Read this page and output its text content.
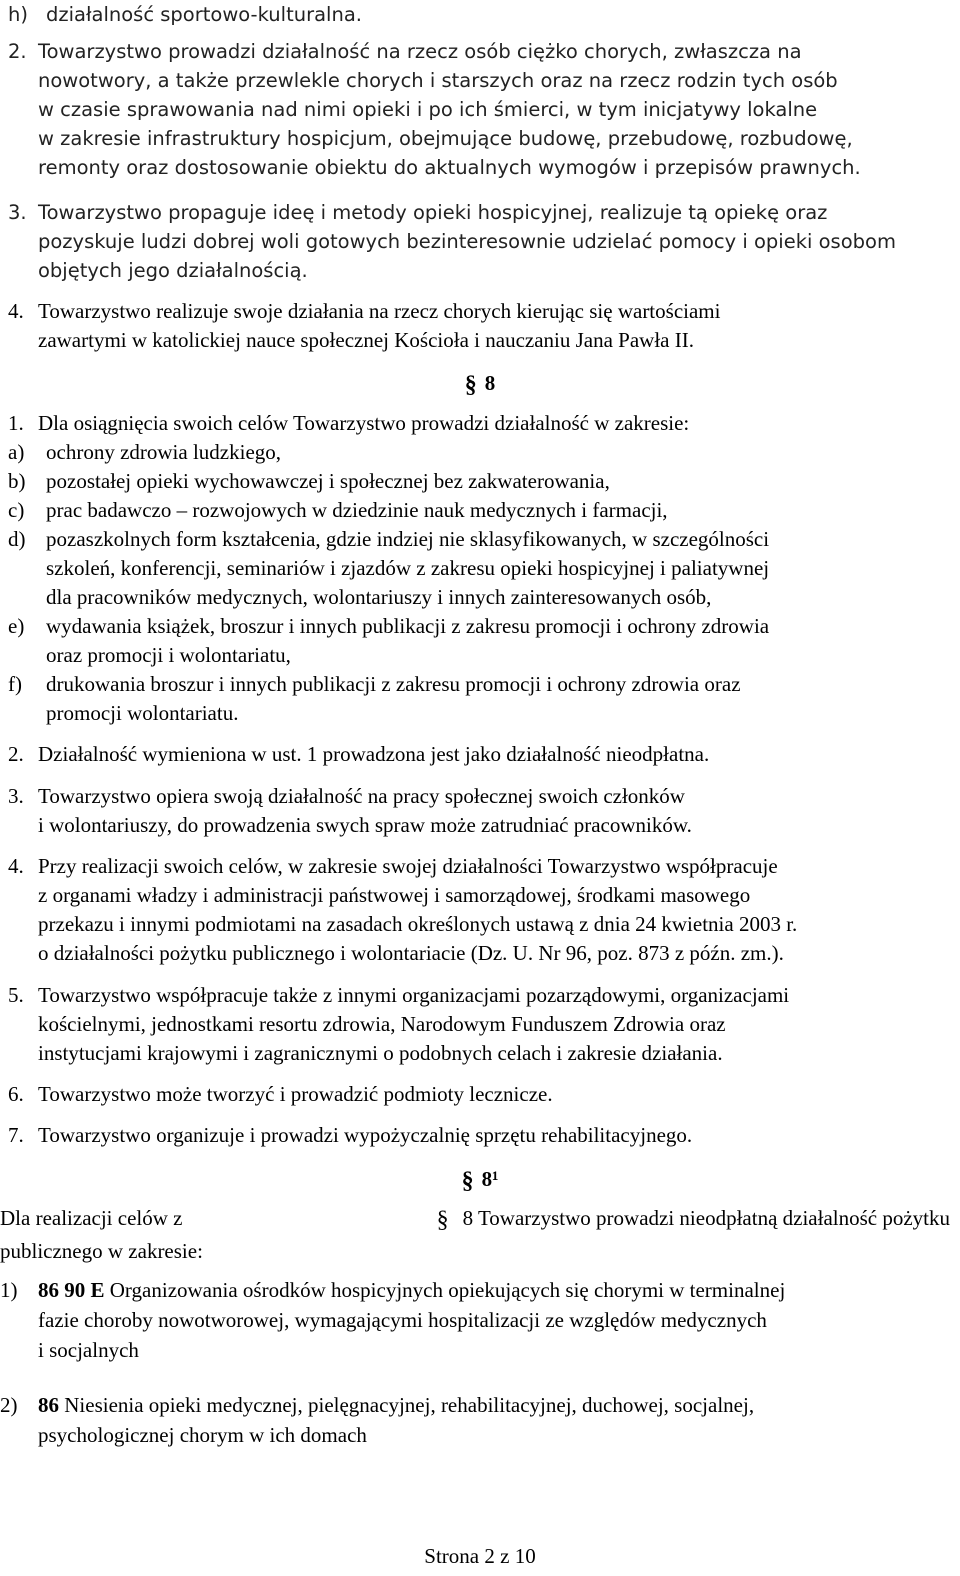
h) działalność sportowo-kulturalna.
2. Towarzystwo prowadzi działalność na rzecz osób ciężko chorych, zwłaszcza na
nowotwory, a także przewlekle chorych i starszych oraz na rzecz rodzin tych osób
w czasie sprawowania nad nimi opieki i po ich śmierci, w tym inicjatywy lokalne
w zakresie infrastruktury hospicjum, obejmujące budowę, przebudowę, rozbudowę,
remonty oraz dostosowanie obiektu do aktualnych wymogów i przepisów prawnych.
3. Towarzystwo propaguje ideę i metody opieki hospicyjnej, realizuje tą opiekę oraz
pozyskuje ludzi dobrej woli gotowych bezinteresownie udzielać pomocy i opieki osobom
objętych jego działalnością.
4. Towarzystwo realizuje swoje działania na rzecz chorych kierując się wartościami
zawartymi w katolickiej nauce społecznej Kościoła i nauczaniu Jana Pawła II.
§ 8
1. Dla osiągnięcia swoich celów Towarzystwo prowadzi działalność w zakresie:
a)	ochrony zdrowia ludzkiego,
b) pozostałej opieki wychowawczej i społecznej bez zakwaterowania,
c)	prac badawczo – rozwojowych w dziedzinie nauk medycznych i farmacji,
d) pozaszkolnych form kształcenia, gdzie indziej nie sklasyfikowanych, w szczególności
szkoleń, konferencji, seminariów i zjazdów z zakresu opieki hospicyjnej i paliatywnej
dla pracowników medycznych, wolontariuszy i innych zainteresowanych osób,
e)	wydawania książek, broszur i innych publikacji z zakresu promocji i ochrony zdrowia
oraz promocji i wolontariatu,
f)	drukowania broszur i innych publikacji z zakresu promocji i ochrony zdrowia oraz
promocji wolontariatu.
2. Działalność wymieniona w ust. 1 prowadzona jest jako działalność nieodpłatna.
3. Towarzystwo opiera swoją działalność na pracy społecznej swoich członków
i wolontariuszy, do prowadzenia swych spraw może zatrudniać pracowników.
4. Przy realizacji swoich celów, w zakresie swojej działalności Towarzystwo współpracuje
z organami władzy i administracji państwowej i samorządowej, środkami masowego
przekazu i innymi podmiotami na zasadach określonych ustawą z dnia 24 kwietnia 2003 r.
o działalności pożytku publicznego i wolontariacie (Dz. U. Nr 96, poz. 873 z późn. zm.).
5. Towarzystwo współpracuje także z innymi organizacjami pozarządowymi, organizacjami
kościelnymi, jednostkami resortu zdrowia, Narodowym Funduszem Zdrowia oraz
instytucjami krajowymi i zagranicznymi o podobnych celach i zakresie działania.
6. Towarzystwo może tworzyć i prowadzić podmioty lecznicze.
7. Towarzystwo organizuje i prowadzi wypożyczalnię sprzętu rehabilitacyjnego.
§ 8¹
Dla realizacji celów z	§ 8 Towarzystwo prowadzi nieodpłatną działalność pożytku
publicznego w zakresie:
1) 86 90 E Organizowania ośrodków hospicyjnych opiekujących się chorymi w terminalnej
fazie choroby nowotworowej, wymagającymi hospitalizacji ze względów medycznych
i socjalnych
2) 86 Niesienia opieki medycznej, pielęgnacyjnej, rehabilitacyjnej, duchowej, socjalnej,
psychologicznej chorym w ich domach
Strona 2 z 10
